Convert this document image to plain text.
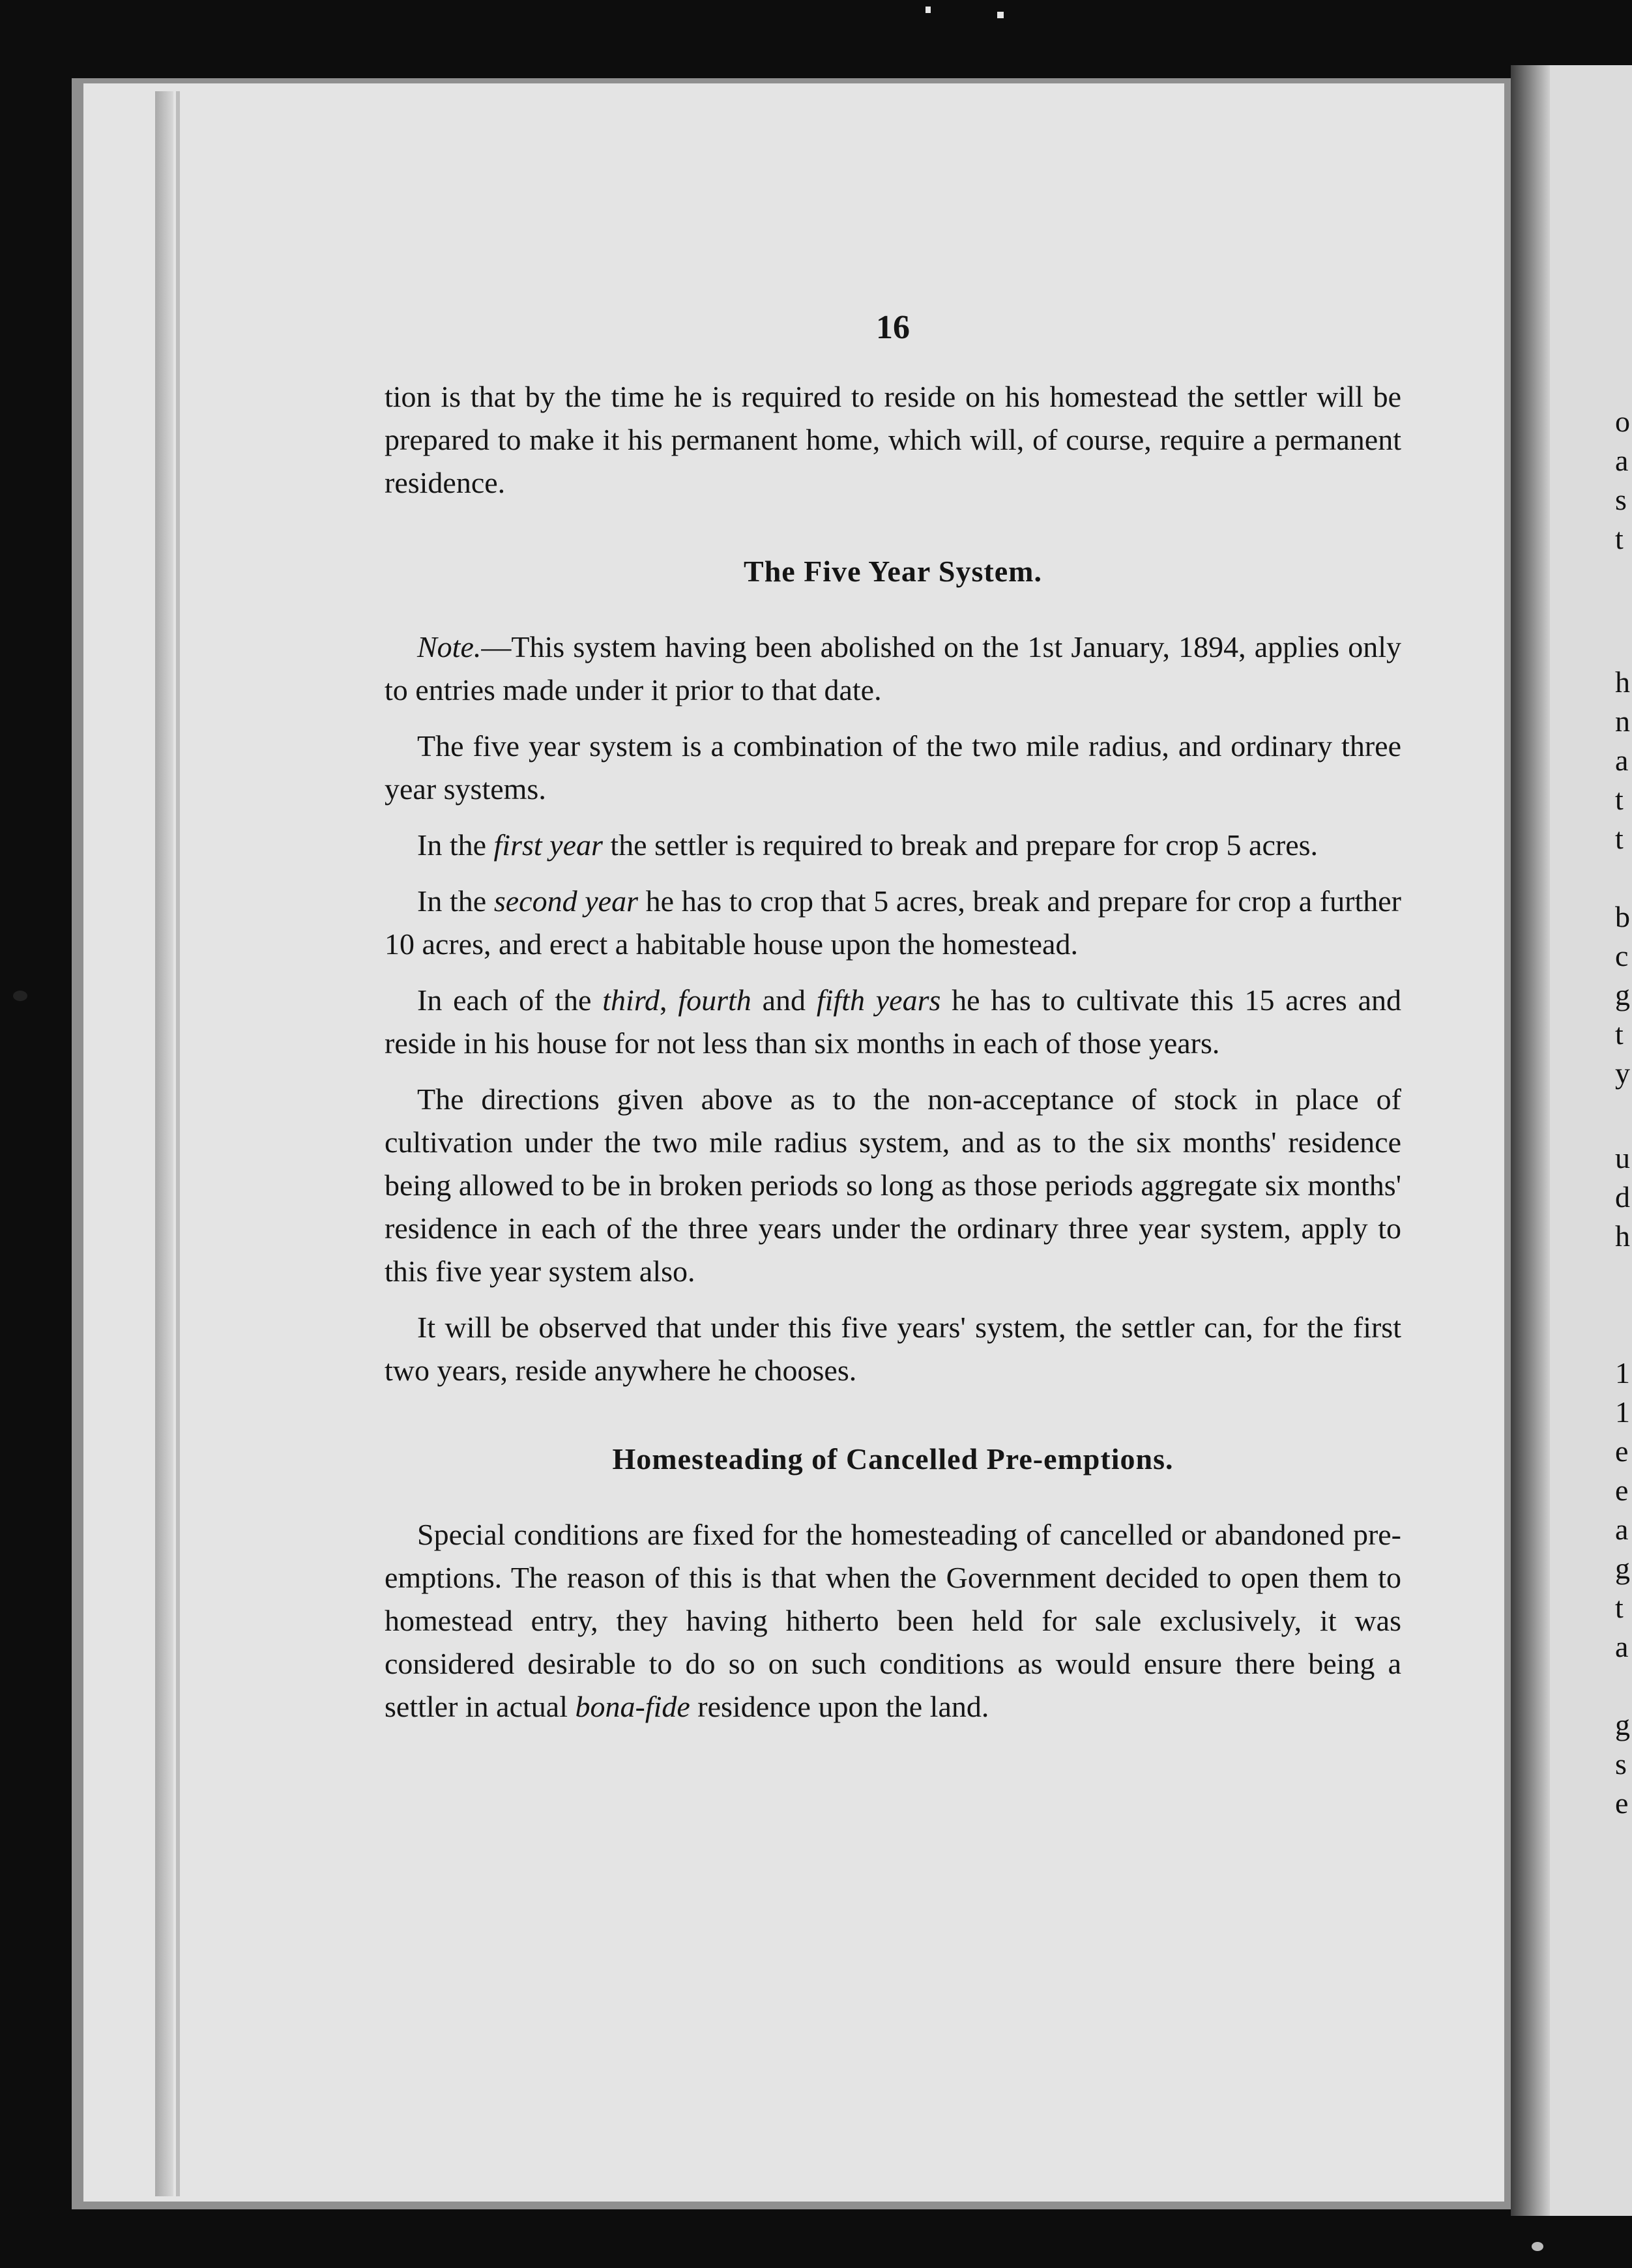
o
a
s
t
h
n
a
t
t
b
c
g
t
y
u
d
h
1
1
e
e
a
g
t
a
g
s
e
16

tion is that by the time he is required to reside on his homestead the settler will be prepared to make it his permanent home, which will, of course, require a permanent residence.

The Five Year System.

Note.—This system having been abolished on the 1st January, 1894, applies only to entries made under it prior to that date.

The five year system is a combination of the two mile radius, and ordinary three year systems.

In the first year the settler is required to break and prepare for crop 5 acres.

In the second year he has to crop that 5 acres, break and prepare for crop a further 10 acres, and erect a habitable house upon the homestead.

In each of the third, fourth and fifth years he has to cultivate this 15 acres and reside in his house for not less than six months in each of those years.

The directions given above as to the non-acceptance of stock in place of cultivation under the two mile radius system, and as to the six months' residence being allowed to be in broken periods so long as those periods aggregate six months' residence in each of the three years under the ordinary three year system, apply to this five year system also.

It will be observed that under this five years' system, the settler can, for the first two years, reside anywhere he chooses.

Homesteading of Cancelled Pre-emptions.

Special conditions are fixed for the homesteading of cancelled or abandoned pre-emptions. The reason of this is that when the Government decided to open them to homestead entry, they having hitherto been held for sale exclusively, it was considered desirable to do so on such conditions as would ensure there being a settler in actual bona-fide residence upon the land.
